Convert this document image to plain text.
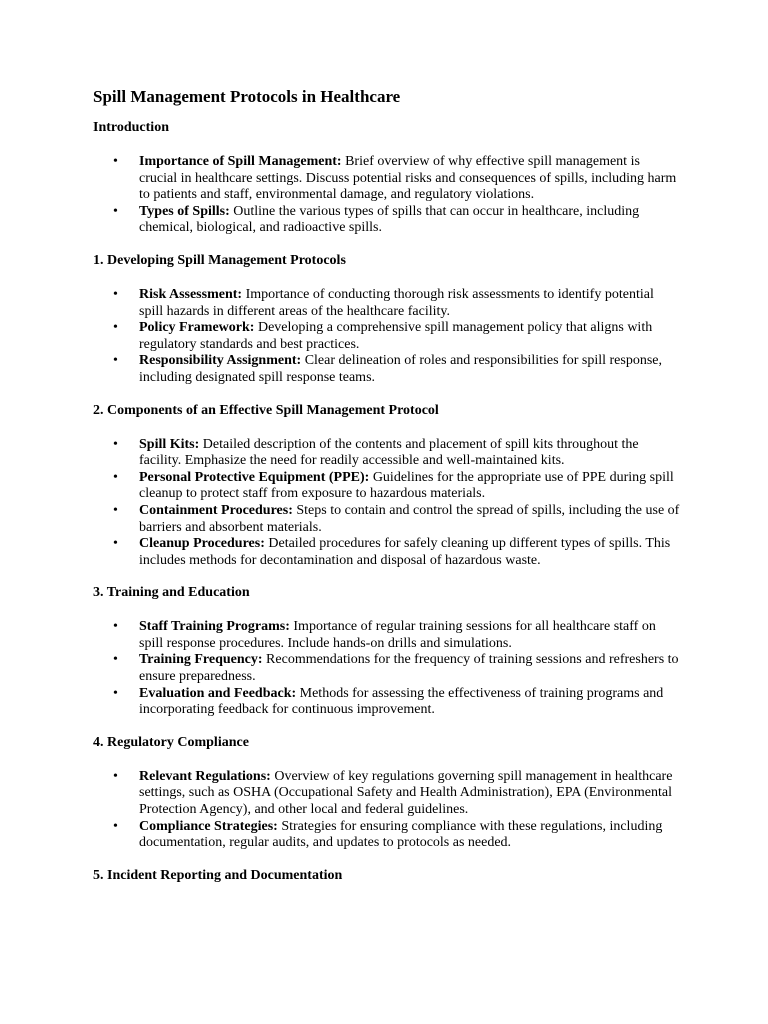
Spill Management Protocols in Healthcare
Introduction
• Importance of Spill Management: Brief overview of why effective spill management is crucial in healthcare settings. Discuss potential risks and consequences of spills, including harm to patients and staff, environmental damage, and regulatory violations.
• Types of Spills: Outline the various types of spills that can occur in healthcare, including chemical, biological, and radioactive spills.
1. Developing Spill Management Protocols
• Risk Assessment: Importance of conducting thorough risk assessments to identify potential spill hazards in different areas of the healthcare facility.
• Policy Framework: Developing a comprehensive spill management policy that aligns with regulatory standards and best practices.
• Responsibility Assignment: Clear delineation of roles and responsibilities for spill response, including designated spill response teams.
2. Components of an Effective Spill Management Protocol
• Spill Kits: Detailed description of the contents and placement of spill kits throughout the facility. Emphasize the need for readily accessible and well-maintained kits.
• Personal Protective Equipment (PPE): Guidelines for the appropriate use of PPE during spill cleanup to protect staff from exposure to hazardous materials.
• Containment Procedures: Steps to contain and control the spread of spills, including the use of barriers and absorbent materials.
• Cleanup Procedures: Detailed procedures for safely cleaning up different types of spills. This includes methods for decontamination and disposal of hazardous waste.
3. Training and Education
• Staff Training Programs: Importance of regular training sessions for all healthcare staff on spill response procedures. Include hands-on drills and simulations.
• Training Frequency: Recommendations for the frequency of training sessions and refreshers to ensure preparedness.
• Evaluation and Feedback: Methods for assessing the effectiveness of training programs and incorporating feedback for continuous improvement.
4. Regulatory Compliance
• Relevant Regulations: Overview of key regulations governing spill management in healthcare settings, such as OSHA (Occupational Safety and Health Administration), EPA (Environmental Protection Agency), and other local and federal guidelines.
• Compliance Strategies: Strategies for ensuring compliance with these regulations, including documentation, regular audits, and updates to protocols as needed.
5. Incident Reporting and Documentation
